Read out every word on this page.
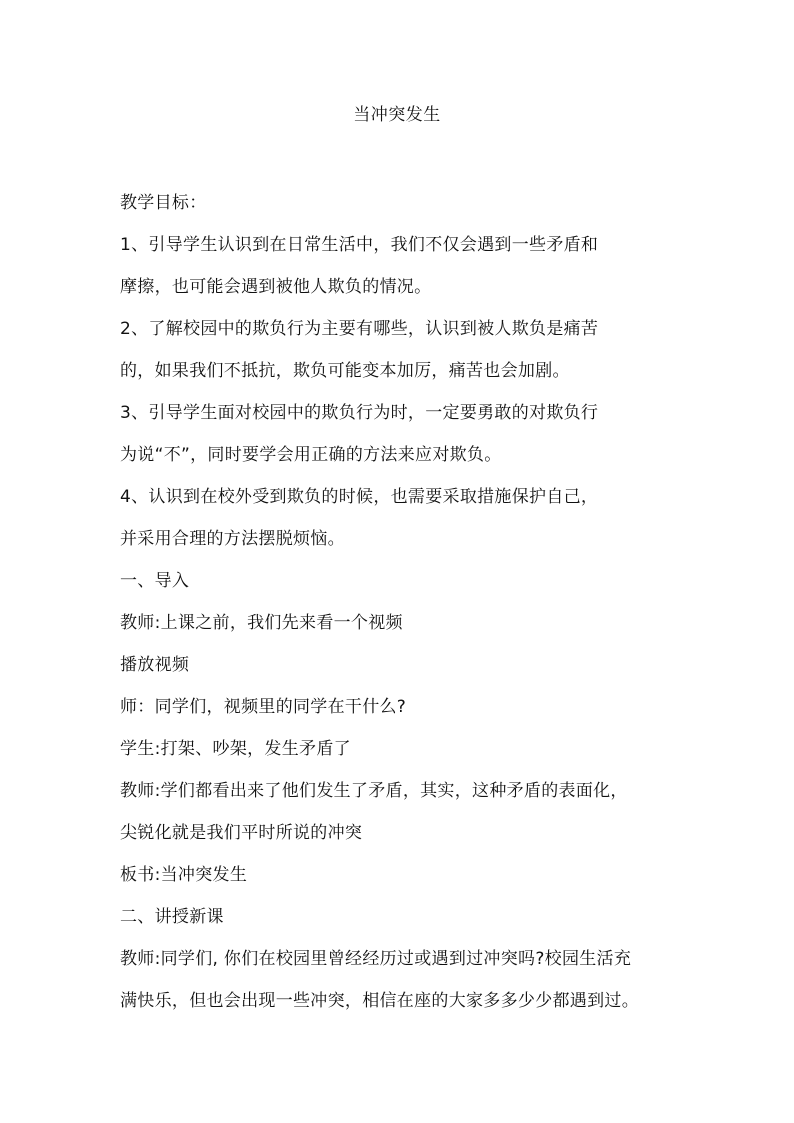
当冲突发生
教学目标：
1、引导学生认识到在日常生活中，我们不仅会遇到一些矛盾和
摩擦，也可能会遇到被他人欺负的情况。
2、了解校园中的欺负行为主要有哪些，认识到被人欺负是痛苦
的，如果我们不抵抗，欺负可能变本加厉，痛苦也会加剧。
3、引导学生面对校园中的欺负行为时，一定要勇敢的对欺负行
为说“不”，同时要学会用正确的方法来应对欺负。
4、认识到在校外受到欺负的时候，也需要采取措施保护自己，
并采用合理的方法摆脱烦恼。
一、导入
教师:上课之前，我们先来看一个视频
播放视频
师：同学们，视频里的同学在干什么?
学生:打架、吵架，发生矛盾了
教师:学们都看出来了他们发生了矛盾，其实，这种矛盾的表面化，
尖锐化就是我们平时所说的冲突
板书:当冲突发生
二、讲授新课
教师:同学们, 你们在校园里曾经经历过或遇到过冲突吗?校园生活充
满快乐，但也会出现一些冲突，相信在座的大家多多少少都遇到过。
